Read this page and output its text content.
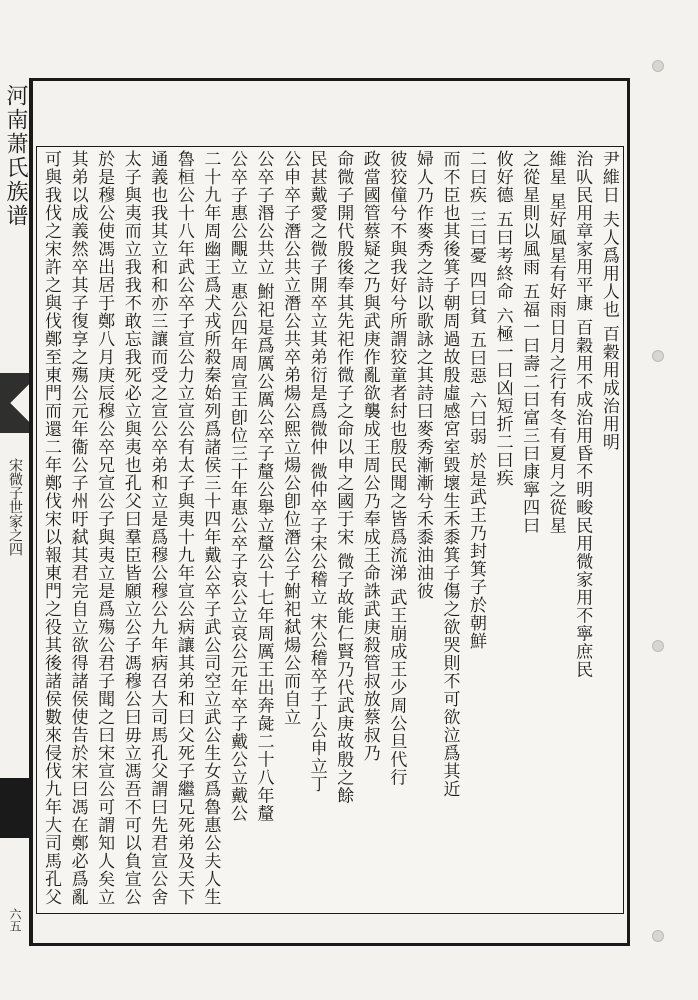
河南萧氏族谱
宋微子世家之四
尹維日 夫人爲用人也 百穀用成治用明
治㕥民用章家用平康 百穀用不成治用昏不明畯民用微家用不寧庶民
維星 星好風星有好雨日月之行有冬有夏月之從星
之從星則以風雨 五福一曰壽二曰富三曰康寧四曰
攸好德 五曰考終命 六極一曰凶短折二曰疾
二曰疾 三曰憂 四曰貧 五曰惡 六曰弱 於是武王乃封箕子於朝鮮
而不臣也其後箕子朝周過故殷虛感宮室毀壞生禾黍箕子傷之欲哭則不可欲泣爲其近
婦人乃作麥秀之詩以歌詠之其詩曰麥秀漸漸兮禾黍油油彼
彼狡僮兮不與我好兮所謂狡童者紂也殷民聞之皆爲流涕 武王崩成王少周公旦代行
政當國管蔡疑之乃與武庚作亂欲襲成王周公乃奉成王命誅武庚殺管叔放蔡叔乃
命微子開代殷後奉其先祀作微子之命以申之國于宋 微子故能仁賢乃代武庚故殷之餘
民甚戴愛之微子開卒立其弟衍是爲微仲 微仲卒子宋公稽立 宋公稽卒子丁公申立丁
公申卒子潛公共立潛公共卒弟煬公熙立煬公卽位潛公子鮒祀弑煬公而自立
公卒子湣公共立 鮒祀是爲厲公厲公卒子釐公舉立釐公十七年周厲王出奔彘二十八年釐
公卒子惠公覸立 惠公四年周宣王卽位三十年惠公卒子哀公立哀公元年卒子戴公立戴公
二十九年周幽王爲犬戎所殺秦始列爲諸侯三十四年戴公卒子武公司空立武公生女爲魯惠公夫人生
魯桓公十八年武公卒子宣公力立宣公有太子與夷十九年宣公病讓其弟和曰父死子繼兄死弟及天下
通義也我其立和和亦三讓而受之宣公卒弟和立是爲穆公穆公九年病召大司馬孔父謂曰先君宣公舍
太子與夷而立我我不敢忘我死必立與夷也孔父曰羣臣皆願立公子馮穆公曰毋立馮吾不可以負宣公
於是穆公使馮出居于鄭八月庚辰穆公卒兄宣公子與夷立是爲殤公君子聞之曰宋宣公可謂知人矣立
其弟以成義然卒其子復享之殤公元年衞公子州吁弑其君完自立欲得諸侯使告於宋曰馮在鄭必爲亂
可與我伐之宋許之與伐鄭至東門而還二年鄭伐宋以報東門之役其後諸侯數來侵伐九年大司馬孔父
六五
